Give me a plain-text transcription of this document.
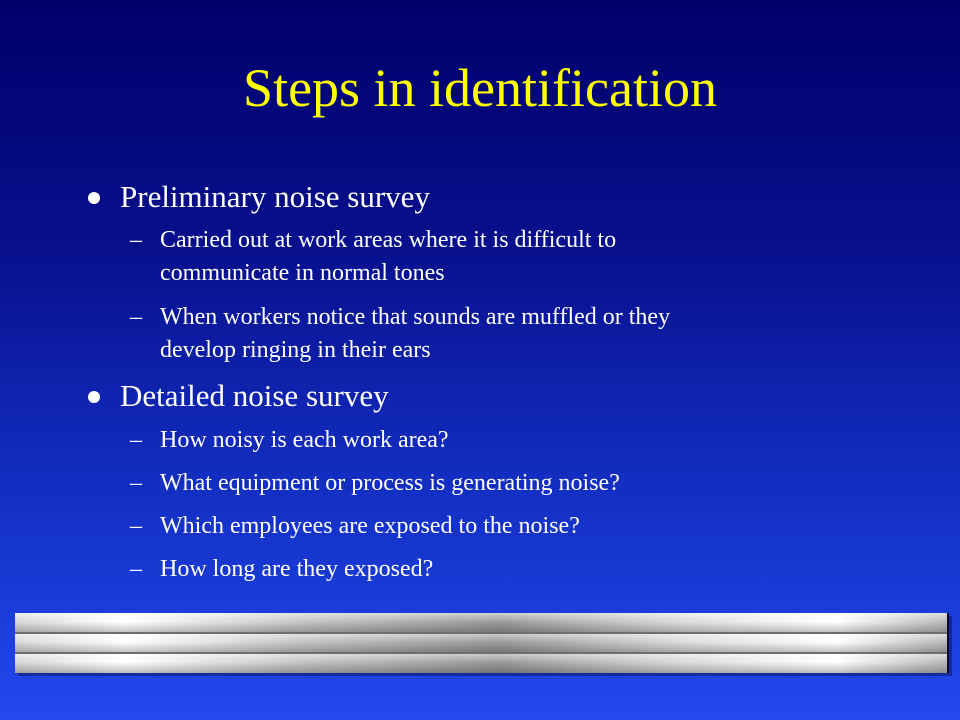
Steps in identification
Preliminary noise survey
– Carried out at work areas where it is difficult to
communicate in normal tones
– When workers notice that sounds are muffled or they
develop ringing in their ears
Detailed noise survey
– How noisy is each work area?
– What equipment or process is generating noise?
– Which employees are exposed to the noise?
– How long are they exposed?
